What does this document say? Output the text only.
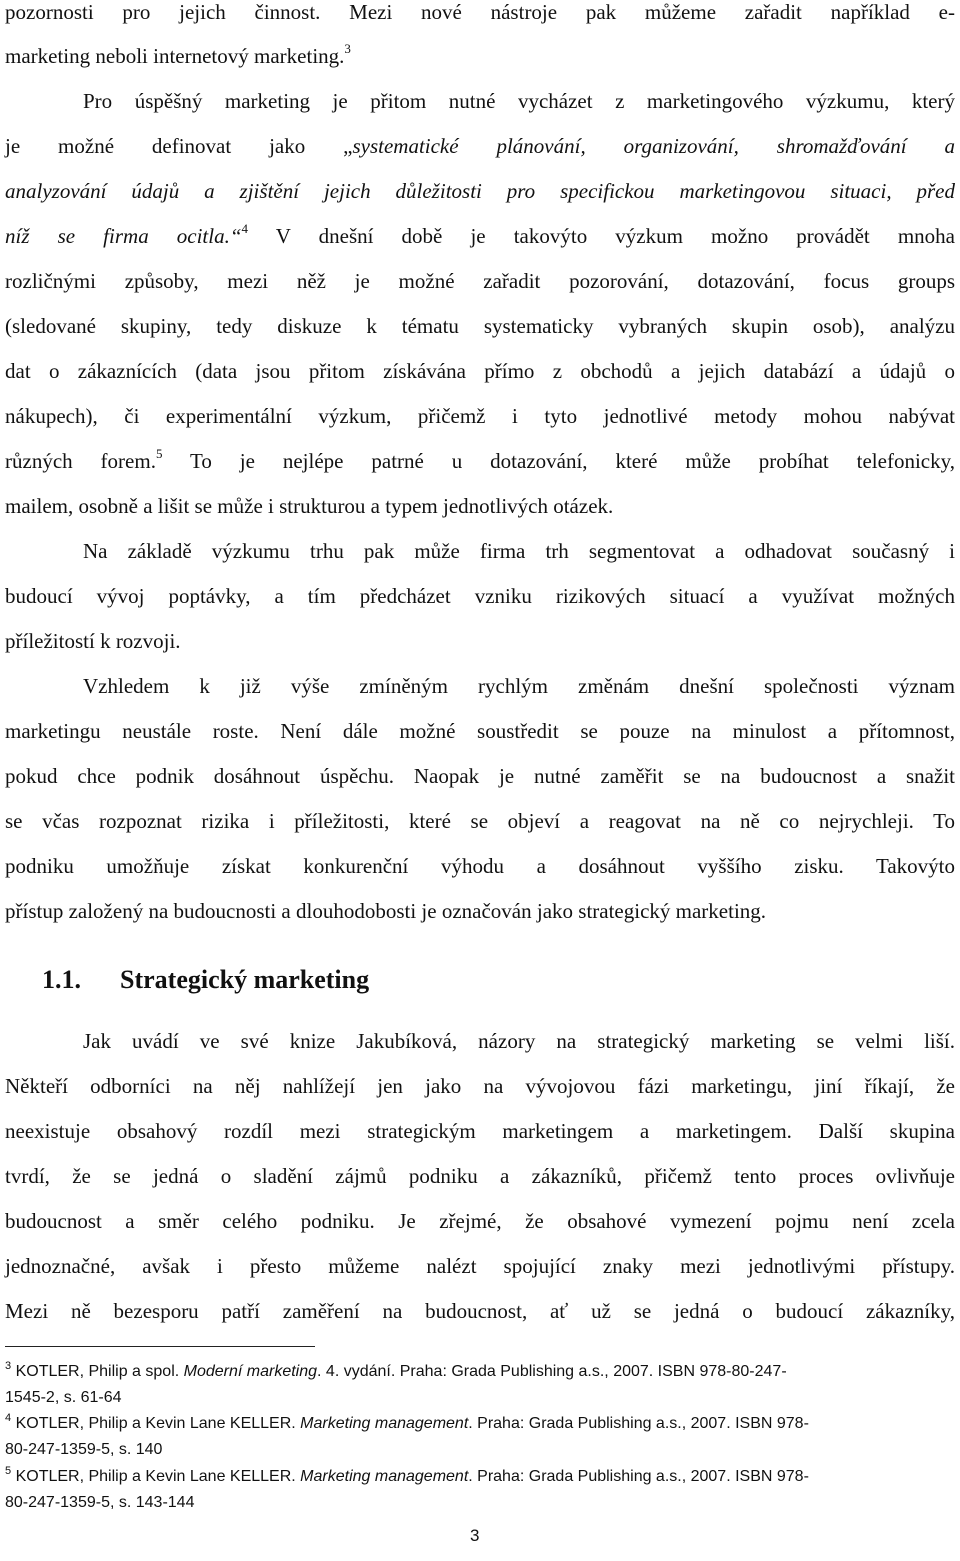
pozornosti pro jejich činnost. Mezi nové nástroje pak můžeme zařadit například e-
marketing neboli internetový marketing.$^3$
Pro úspěšný marketing je přitom nutné vycházet z marketingového výzkumu, který
je možné definovat jako „systematické plánování, organizování, shromažďování a
analyzování údajů a zjištění jejich důležitosti pro specifickou marketingovou situaci, před
níž se firma ocitla.“$^4$ V dnešní době je takovýto výzkum možno provádět mnoha
rozličnými způsoby, mezi něž je možné zařadit pozorování, dotazování, focus groups
(sledované skupiny, tedy diskuze k tématu systematicky vybraných skupin osob), analýzu
dat o zákaznících (data jsou přitom získávána přímo z obchodů a jejich databází a údajů o
nákupech), či experimentální výzkum, přičemž i tyto jednotlivé metody mohou nabývat
různých forem.$^5$ To je nejlépe patrné u dotazování, které může probíhat telefonicky,
mailem, osobně a lišit se může i strukturou a typem jednotlivých otázek.
Na základě výzkumu trhu pak může firma trh segmentovat a odhadovat současný i
budoucí vývoj poptávky, a tím předcházet vzniku rizikových situací a využívat možných
příležitostí k rozvoji.
Vzhledem k již výše zmíněným rychlým změnám dnešní společnosti význam
marketingu neustále roste. Není dále možné soustředit se pouze na minulost a přítomnost,
pokud chce podnik dosáhnout úspěchu. Naopak je nutné zaměřit se na budoucnost a snažit
se včas rozpoznat rizika i příležitosti, které se objeví a reagovat na ně co nejrychleji. To
podniku umožňuje získat konkurenční výhodu a dosáhnout vyššího zisku. Takovýto
přístup založený na budoucnosti a dlouhodobosti je označován jako strategický marketing.
1.1. Strategický marketing
Jak uvádí ve své knize Jakubíková, názory na strategický marketing se velmi liší.
Někteří odborníci na něj nahlížejí jen jako na vývojovou fázi marketingu, jiní říkají, že
neexistuje obsahový rozdíl mezi strategickým marketingem a marketingem. Další skupina
tvrdí, že se jedná o sladění zájmů podniku a zákazníků, přičemž tento proces ovlivňuje
budoucnost a směr celého podniku. Je zřejmé, že obsahové vymezení pojmu není zcela
jednoznačné, avšak i přesto můžeme nalézt spojující znaky mezi jednotlivými přístupy.
Mezi ně bezesporu patří zaměření na budoucnost, ať už se jedná o budoucí zákazníky,
$^3$ KOTLER, Philip a spol. Moderní marketing. 4. vydání. Praha: Grada Publishing a.s., 2007. ISBN 978-80-247-
1545-2, s. 61-64
$^4$ KOTLER, Philip a Kevin Lane KELLER. Marketing management. Praha: Grada Publishing a.s., 2007. ISBN 978-
80-247-1359-5, s. 140
$^5$ KOTLER, Philip a Kevin Lane KELLER. Marketing management. Praha: Grada Publishing a.s., 2007. ISBN 978-
80-247-1359-5, s. 143-144
3
